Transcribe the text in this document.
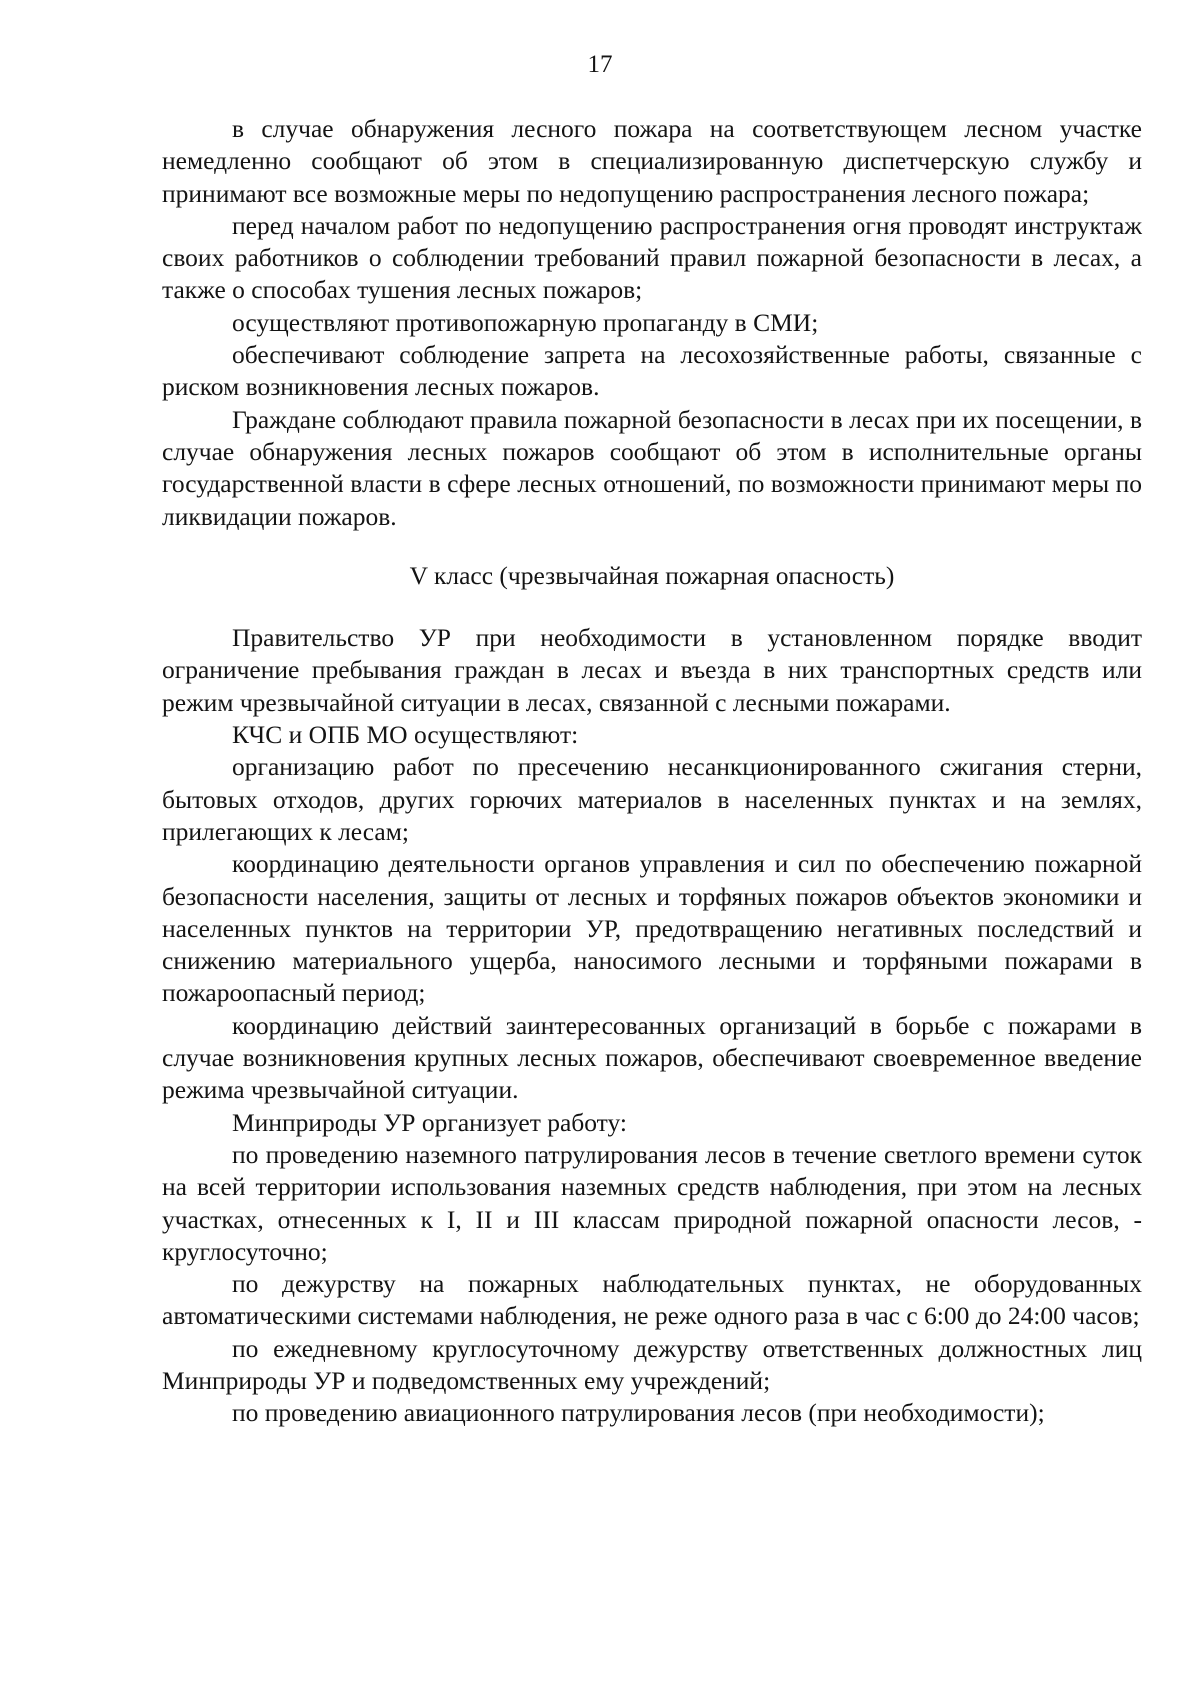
17

в случае обнаружения лесного пожара на соответствующем лесном участке немедленно сообщают об этом в специализированную диспетчерскую службу и принимают все возможные меры по недопущению распространения лесного пожара;

перед началом работ по недопущению распространения огня проводят инструктаж своих работников о соблюдении требований правил пожарной безопасности в лесах, а также о способах тушения лесных пожаров;

осуществляют противопожарную пропаганду в СМИ;

обеспечивают соблюдение запрета на лесохозяйственные работы, связанные с риском возникновения лесных пожаров.

Граждане соблюдают правила пожарной безопасности в лесах при их посещении, в случае обнаружения лесных пожаров сообщают об этом в исполнительные органы государственной власти в сфере лесных отношений, по возможности принимают меры по ликвидации пожаров.

V класс (чрезвычайная пожарная опасность)

Правительство УР при необходимости в установленном порядке вводит ограничение пребывания граждан в лесах и въезда в них транспортных средств или режим чрезвычайной ситуации в лесах, связанной с лесными пожарами.

КЧС и ОПБ МО осуществляют:

организацию работ по пресечению несанкционированного сжигания стерни, бытовых отходов, других горючих материалов в населенных пунктах и на землях, прилегающих к лесам;

координацию деятельности органов управления и сил по обеспечению пожарной безопасности населения, защиты от лесных и торфяных пожаров объектов экономики и населенных пунктов на территории УР, предотвращению негативных последствий и снижению материального ущерба, наносимого лесными и торфяными пожарами в пожароопасный период;

координацию действий заинтересованных организаций в борьбе с пожарами в случае возникновения крупных лесных пожаров, обеспечивают своевременное введение режима чрезвычайной ситуации.

Минприроды УР организует работу:

по проведению наземного патрулирования лесов в течение светлого времени суток на всей территории использования наземных средств наблюдения, при этом на лесных участках, отнесенных к I, II и III классам природной пожарной опасности лесов, - круглосуточно;

по дежурству на пожарных наблюдательных пунктах, не оборудованных автоматическими системами наблюдения, не реже одного раза в час с 6:00 до 24:00 часов;

по ежедневному круглосуточному дежурству ответственных должностных лиц Минприроды УР и подведомственных ему учреждений;

по проведению авиационного патрулирования лесов (при необходимости);
